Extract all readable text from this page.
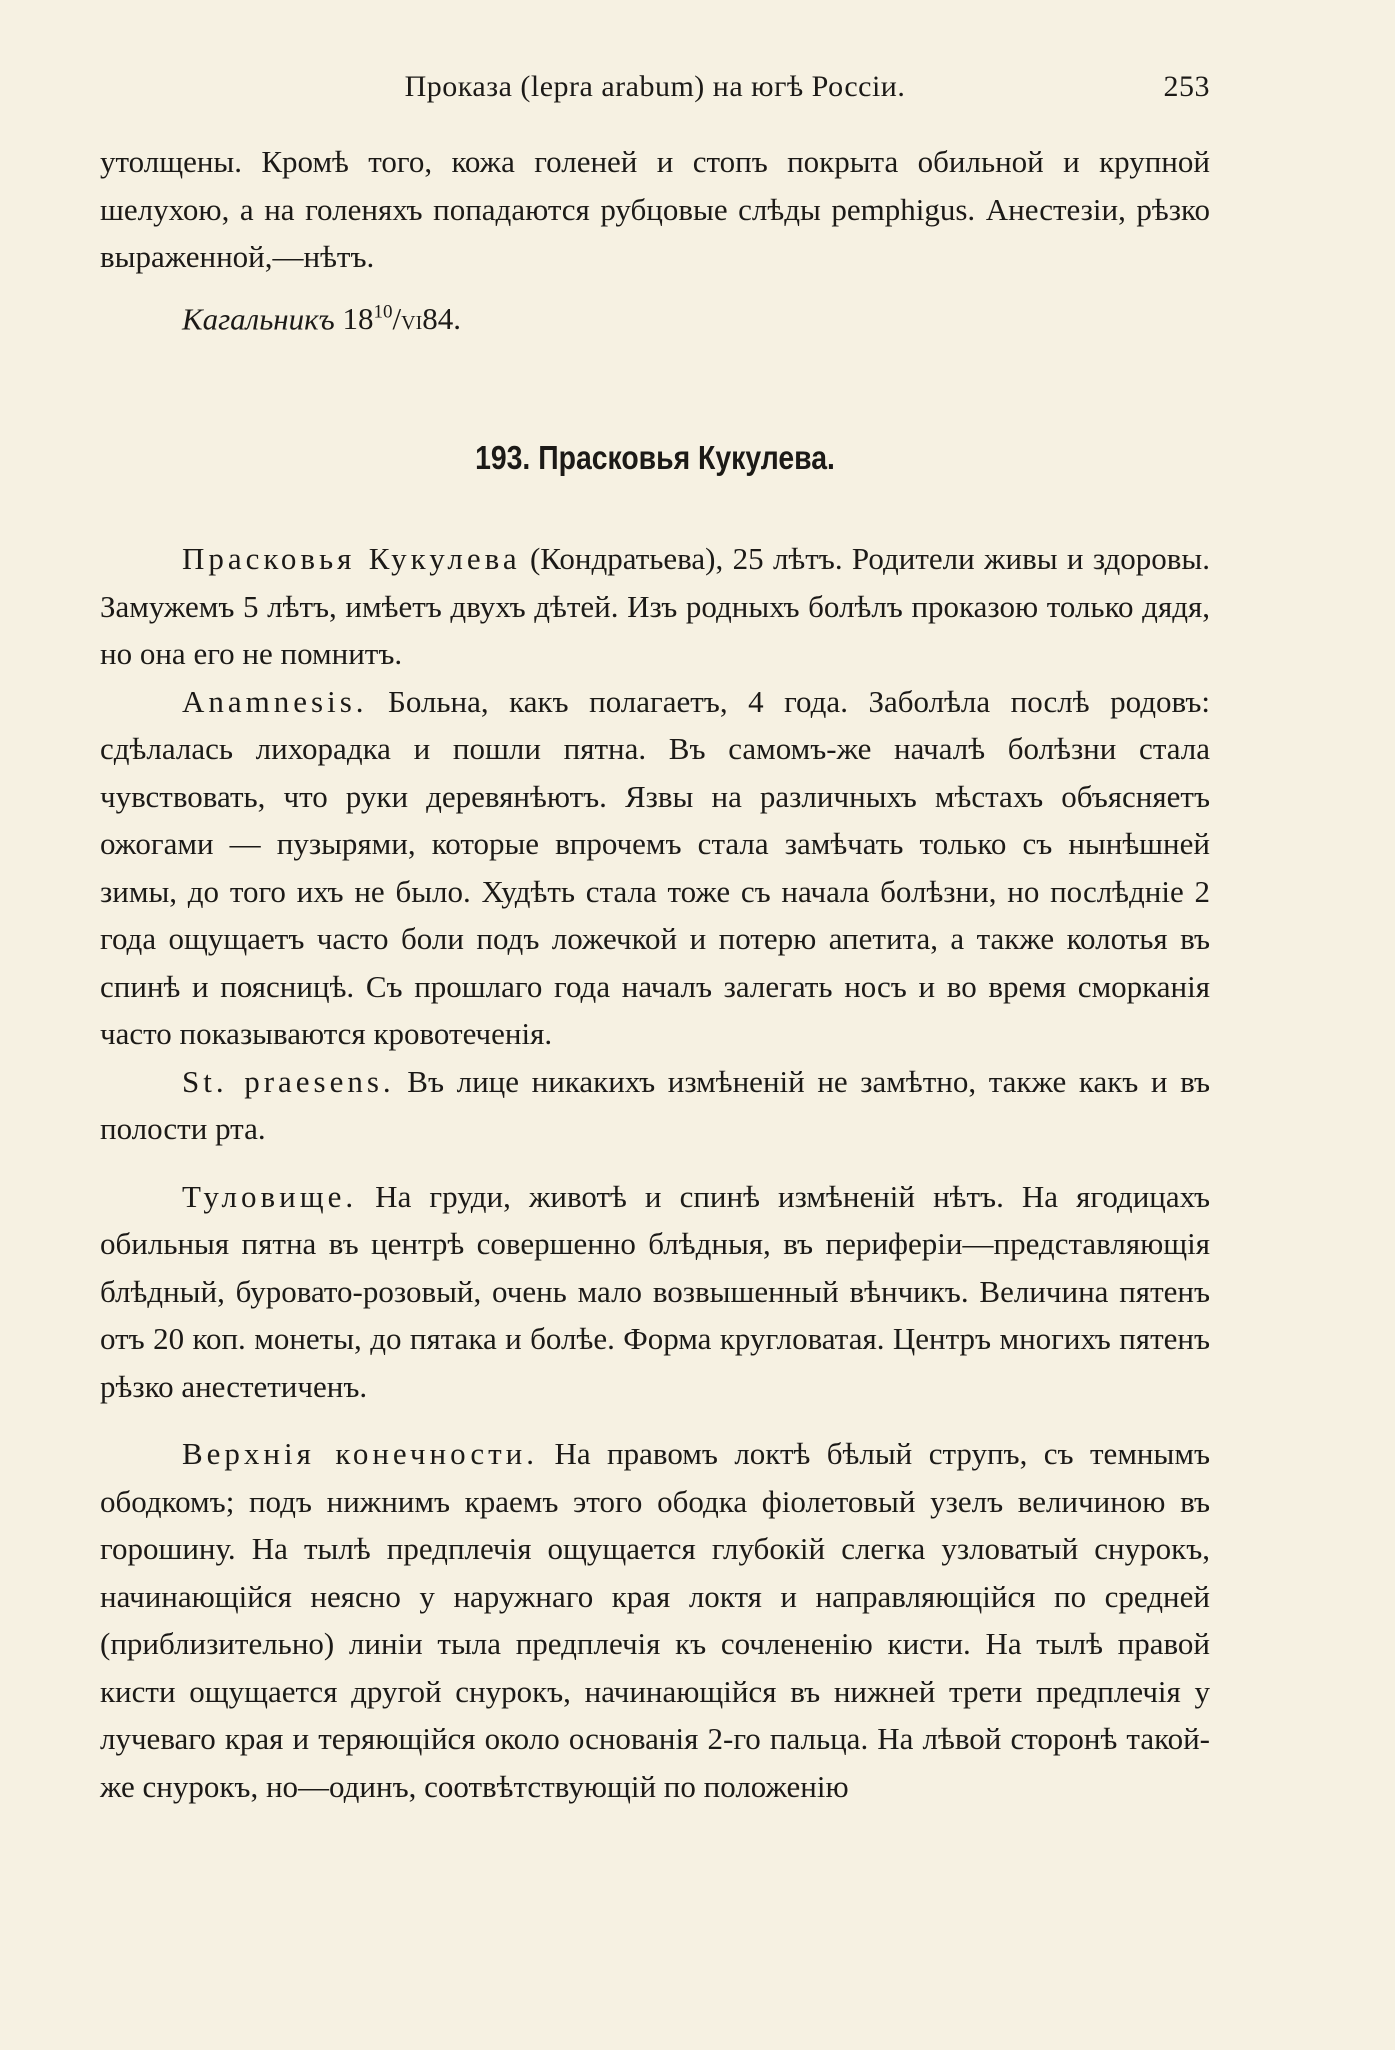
Проказа (lepra arabum) на югѣ Россіи.	253

утолщены. Кромѣ того, кожа голеней и стопъ покрыта обильной и крупной шелухою, а на голеняхъ попадаются рубцовые слѣды pemphigus. Анестезіи, рѣзко выраженной,—нѣтъ.

Кагальникъ $18^{10}/VI84$.
193. Прасковья Кукулева.

Прасковья Кукулева (Кондратьева), 25 лѣтъ. Родители живы и здоровы. Замужемъ 5 лѣтъ, имѣетъ двухъ дѣтей. Изъ родныхъ болѣлъ проказою только дядя, но она его не помнитъ.

Anamnesis. Больна, какъ полагаетъ, 4 года. Заболѣла послѣ родовъ: сдѣлалась лихорадка и пошли пятна. Въ самомъ-же началѣ болѣзни стала чувствовать, что руки деревянѣютъ. Язвы на различныхъ мѣстахъ объясняетъ ожогами — пузырями, которые впрочемъ стала замѣчать только съ нынѣшней зимы, до того ихъ не было. Худѣть стала тоже съ начала болѣзни, но послѣдніе 2 года ощущаетъ часто боли подъ ложечкой и потерю апетита, а также колотья въ спинѣ и поясницѣ. Съ прошлаго года началъ залегать носъ и во время сморканія часто показываются кровотеченія.

St. praesens. Въ лице никакихъ измѣненій не замѣтно, также какъ и въ полости рта.

Туловище. На груди, животѣ и спинѣ измѣненій нѣтъ. На ягодицахъ обильныя пятна въ центрѣ совершенно блѣдныя, въ периферіи—представляющія блѣдный, буровато-розовый, очень мало возвышенный вѣнчикъ. Величина пятенъ отъ 20 коп. монеты, до пятака и болѣе. Форма кругловатая. Центръ многихъ пятенъ рѣзко анестетиченъ.

Верхнія конечности. На правомъ локтѣ бѣлый струпъ, съ темнымъ ободкомъ; подъ нижнимъ краемъ этого ободка фіолетовый узелъ величиною въ горошину. На тылѣ предплечія ощущается глубокій слегка узловатый снурокъ, начинающійся неясно у наружнаго края локтя и направляющійся по средней (приблизительно) линіи тыла предплечія къ сочлененію кисти. На тылѣ правой кисти ощущается другой снурокъ, начинающійся въ нижней трети предплечія у лучеваго края и теряющійся около основанія 2-го пальца. На лѣвой сторонѣ такой-же снурокъ, но—одинъ, соотвѣтствующій по положенію
